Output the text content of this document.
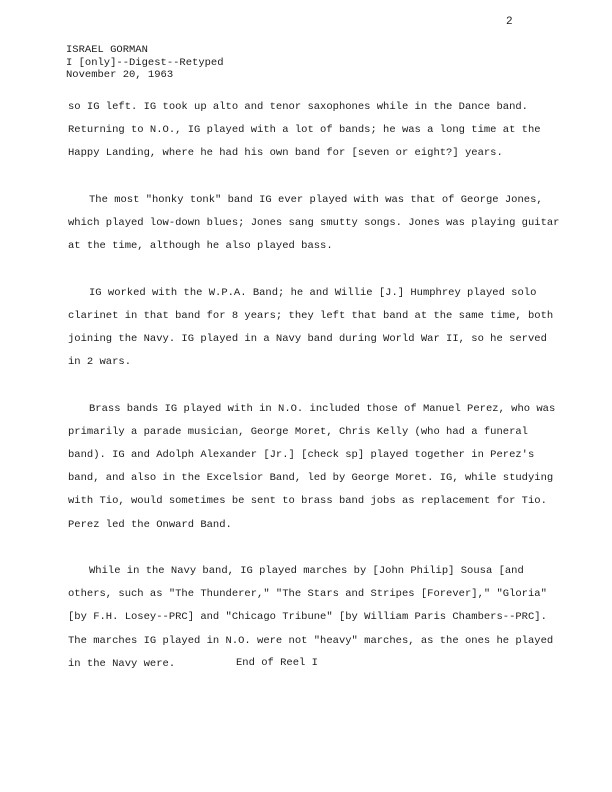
2
ISRAEL GORMAN
I [only]--Digest--Retyped
November 20, 1963

so IG left. IG took up alto and tenor saxophones while in the Dance band. Returning to N.O., IG played with a lot of bands; he was a long time at the Happy Landing, where he had his own band for [seven or eight?] years.

The most "honky tonk" band IG ever played with was that of George Jones, which played low-down blues; Jones sang smutty songs. Jones was playing guitar at the time, although he also played bass.

IG worked with the W.P.A. Band; he and Willie [J.] Humphrey played solo clarinet in that band for 8 years; they left that band at the same time, both joining the Navy. IG played in a Navy band during World War II, so he served in 2 wars.

Brass bands IG played with in N.O. included those of Manuel Perez, who was primarily a parade musician, George Moret, Chris Kelly (who had a funeral band). IG and Adolph Alexander [Jr.] [check sp] played together in Perez's band, and also in the Excelsior Band, led by George Moret. IG, while studying with Tio, would sometimes be sent to brass band jobs as replacement for Tio. Perez led the Onward Band.

While in the Navy band, IG played marches by [John Philip] Sousa [and others, such as "The Thunderer," "The Stars and Stripes [Forever]," "Gloria" [by F.H. Losey--PRC] and "Chicago Tribune" [by William Paris Chambers--PRC]. The marches IG played in N.O. were not "heavy" marches, as the ones he played in the Navy were.	End of Reel I
